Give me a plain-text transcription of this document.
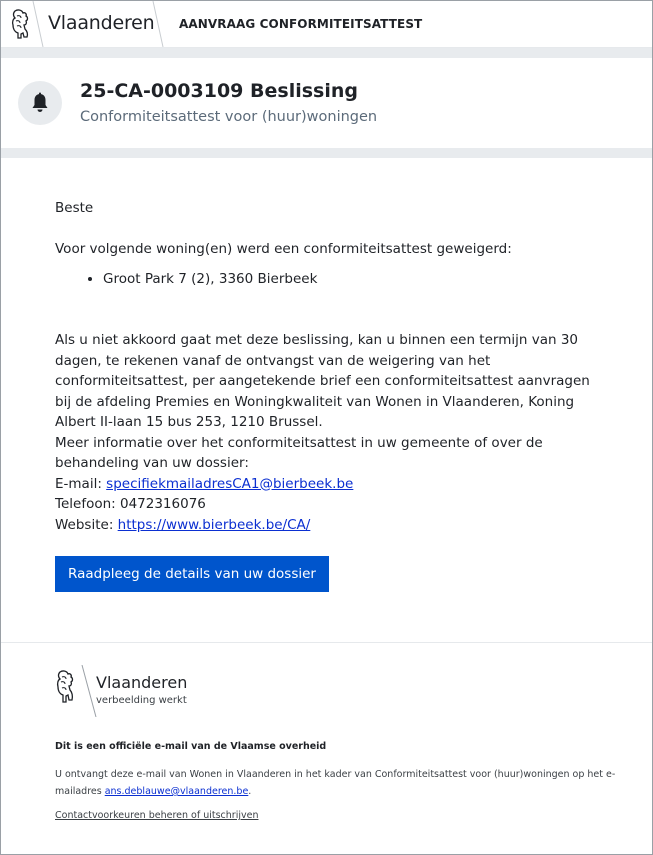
Vlaanderen AANVRAAG CONFORMITEITSATTEST
25-CA-0003109 Beslissing
Conformiteitsattest voor (huur)woningen

Beste

Voor volgende woning(en) werd een conformiteitsattest geweigerd:

• Groot Park 7 (2), 3360 Bierbeek

Als u niet akkoord gaat met deze beslissing, kan u binnen een termijn van 30 dagen, te rekenen vanaf de ontvangst van de weigering van het conformiteitsattest, per aangetekende brief een conformiteitsattest aanvragen bij de afdeling Premies en Woningkwaliteit van Wonen in Vlaanderen, Koning Albert II-laan 15 bus 253, 1210 Brussel.

Meer informatie over het conformiteitsattest in uw gemeente of over de behandeling van uw dossier:

E-mail: specifiekmailadresCA1@bierbeek.be

Telefoon: 0472316076

Website: https://www.bierbeek.be/CA/

Raadpleeg de details van uw dossier
Vlaanderen
verbeelding werkt
Dit is een officiële e-mail van de Vlaamse overheid
U ontvangt deze e-mail van Wonen in Vlaanderen in het kader van Conformiteitsattest voor (huur)woningen op het e-mailadres ans.deblauwe@vlaanderen.be.
Contactvoorkeuren beheren of uitschrijven
